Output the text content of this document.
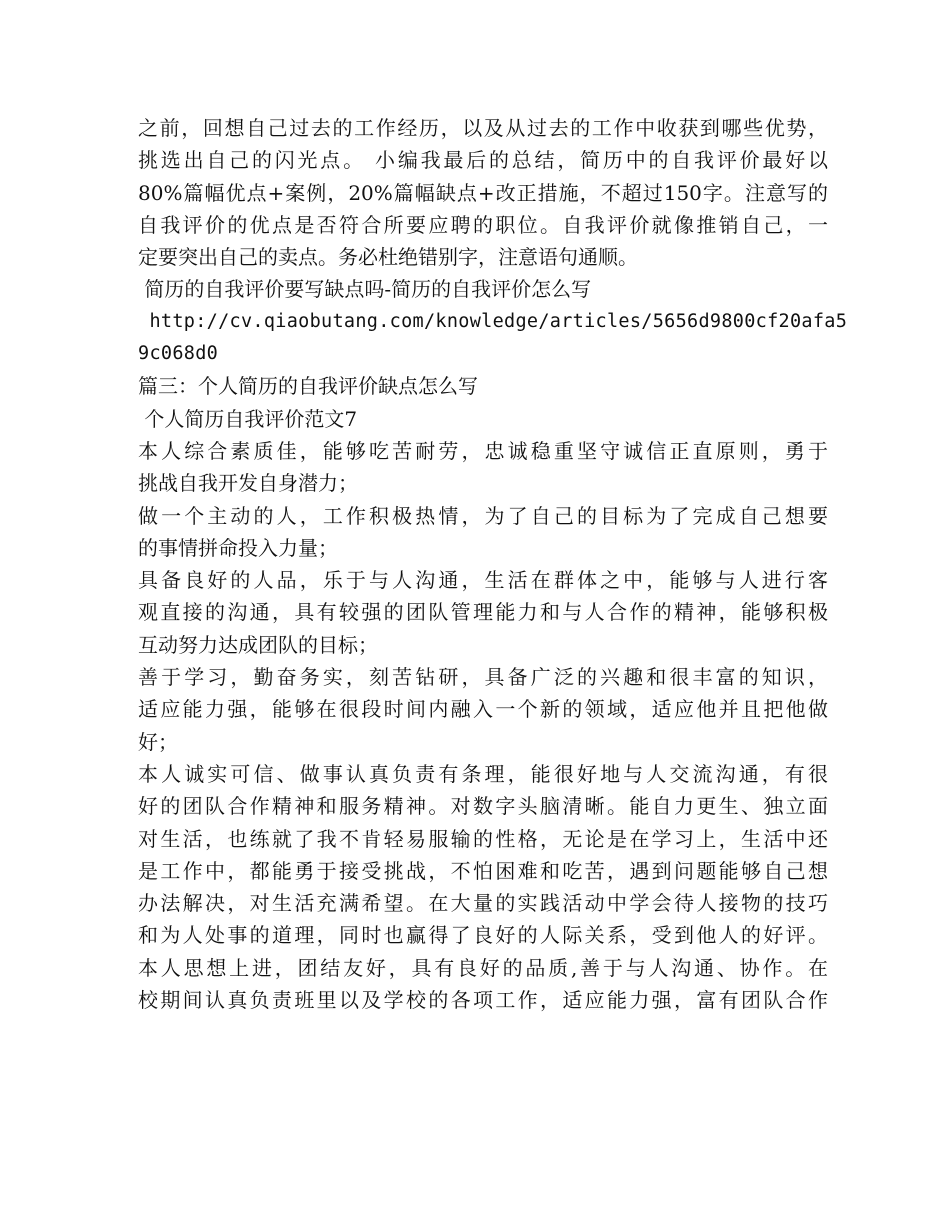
之前，回想自己过去的工作经历，以及从过去的工作中收获到哪些优势，
挑选出自己的闪光点。 小编我最后的总结，简历中的自我评价最好以
80%篇幅优点+案例，20%篇幅缺点+改正措施，不超过150字。注意写的
自我评价的优点是否符合所要应聘的职位。自我评价就像推销自己，一
定要突出自己的卖点。务必杜绝错别字，注意语句通顺。
简历的自我评价要写缺点吗-简历的自我评价怎么写
http://cv.qiaobutang.com/knowledge/articles/5656d9800cf20afa5
9c068d0
篇三：个人简历的自我评价缺点怎么写
个人简历自我评价范文7
本人综合素质佳，能够吃苦耐劳，忠诚稳重坚守诚信正直原则，勇于
挑战自我开发自身潜力；
做一个主动的人，工作积极热情，为了自己的目标为了完成自己想要
的事情拼命投入力量；
具备良好的人品，乐于与人沟通，生活在群体之中，能够与人进行客
观直接的沟通，具有较强的团队管理能力和与人合作的精神，能够积极
互动努力达成团队的目标；
善于学习，勤奋务实，刻苦钻研，具备广泛的兴趣和很丰富的知识，
适应能力强，能够在很段时间内融入一个新的领域，适应他并且把他做
好；
本人诚实可信、做事认真负责有条理，能很好地与人交流沟通，有很
好的团队合作精神和服务精神。对数字头脑清晰。能自力更生、独立面
对生活，也练就了我不肯轻易服输的性格，无论是在学习上，生活中还
是工作中，都能勇于接受挑战，不怕困难和吃苦，遇到问题能够自己想
办法解决，对生活充满希望。在大量的实践活动中学会待人接物的技巧
和为人处事的道理，同时也赢得了良好的人际关系，受到他人的好评。
本人思想上进，团结友好，具有良好的品质,善于与人沟通、协作。在
校期间认真负责班里以及学校的各项工作，适应能力强，富有团队合作
